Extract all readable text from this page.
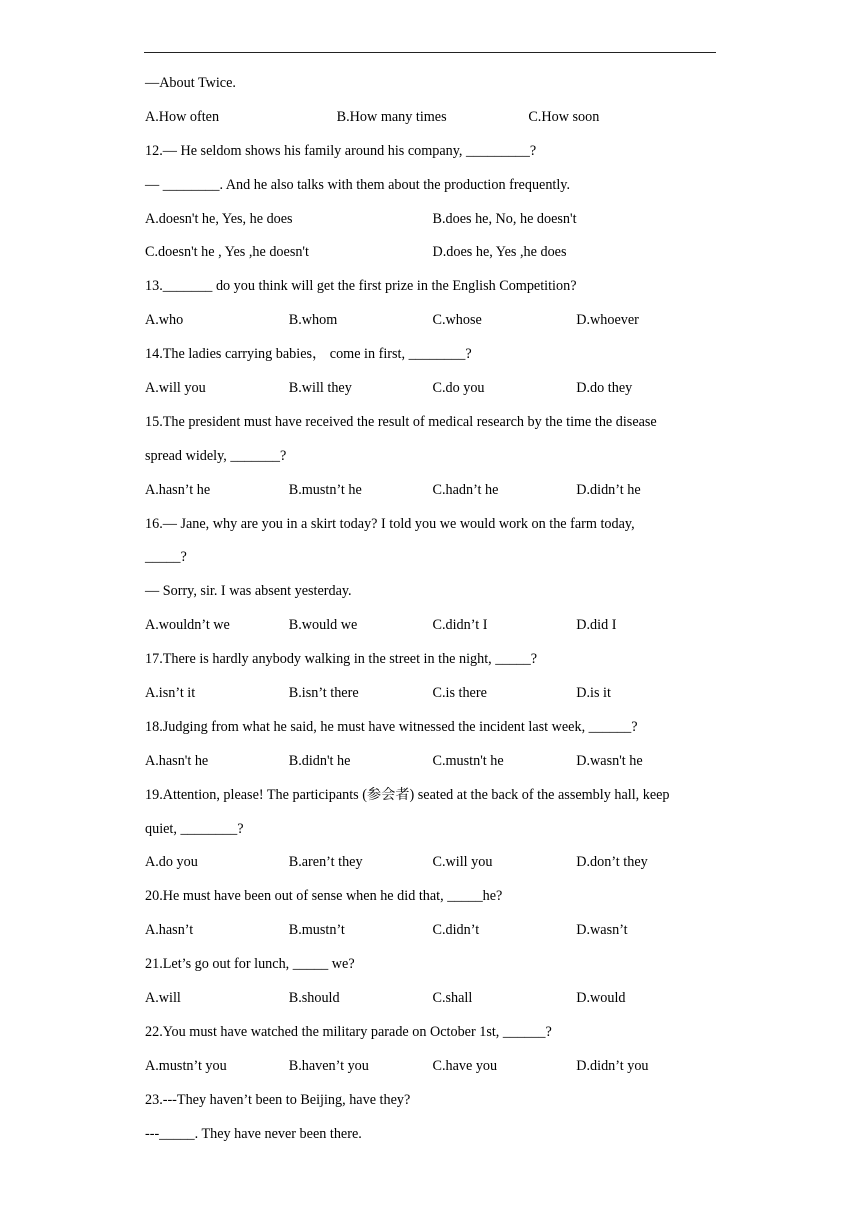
—About Twice.
A.How often	B.How many times	C.How soon
12.— He seldom shows his family around his company, _________?
— ________. And he also talks with them about the production frequently.
A.doesn't he, Yes, he does	B.does he, No, he doesn't
C.doesn't he , Yes ,he doesn't	D.does he, Yes ,he does
13._______ do you think will get the first prize in the English Competition?
A.who	B.whom	C.whose	D.whoever
14.The ladies carrying babies， come in first, ________?
A.will you	B.will they	C.do you	D.do they
15.The president must have received the result of medical research by the time the disease
spread widely, _______?
A.hasn’t he	B.mustn’t he	C.hadn’t he	D.didn’t he
16.— Jane, why are you in a skirt today? I told you we would work on the farm today,
_____?
— Sorry, sir. I was absent yesterday.
A.wouldn’t we	B.would we	C.didn’t I	D.did I
17.There is hardly anybody walking in the street in the night, _____?
A.isn’t it	B.isn’t there	C.is there	D.is it
18.Judging from what he said, he must have witnessed the incident last week, ______?
A.hasn't he	B.didn't he	C.mustn't he	D.wasn't he
19.Attention, please! The participants (参会者) seated at the back of the assembly hall, keep
quiet, ________?
A.do you	B.aren’t they	C.will you	D.don’t they
20.He must have been out of sense when he did that, _____he?
A.hasn’t	B.mustn’t	C.didn’t	D.wasn’t
21.Let’s go out for lunch, _____ we?
A.will	B.should	C.shall	D.would
22.You must have watched the military parade on October 1st, ______?
A.mustn’t you	B.haven’t you	C.have you	D.didn’t you
23.---They haven’t been to Beijing, have they?
---_____. They have never been there.
